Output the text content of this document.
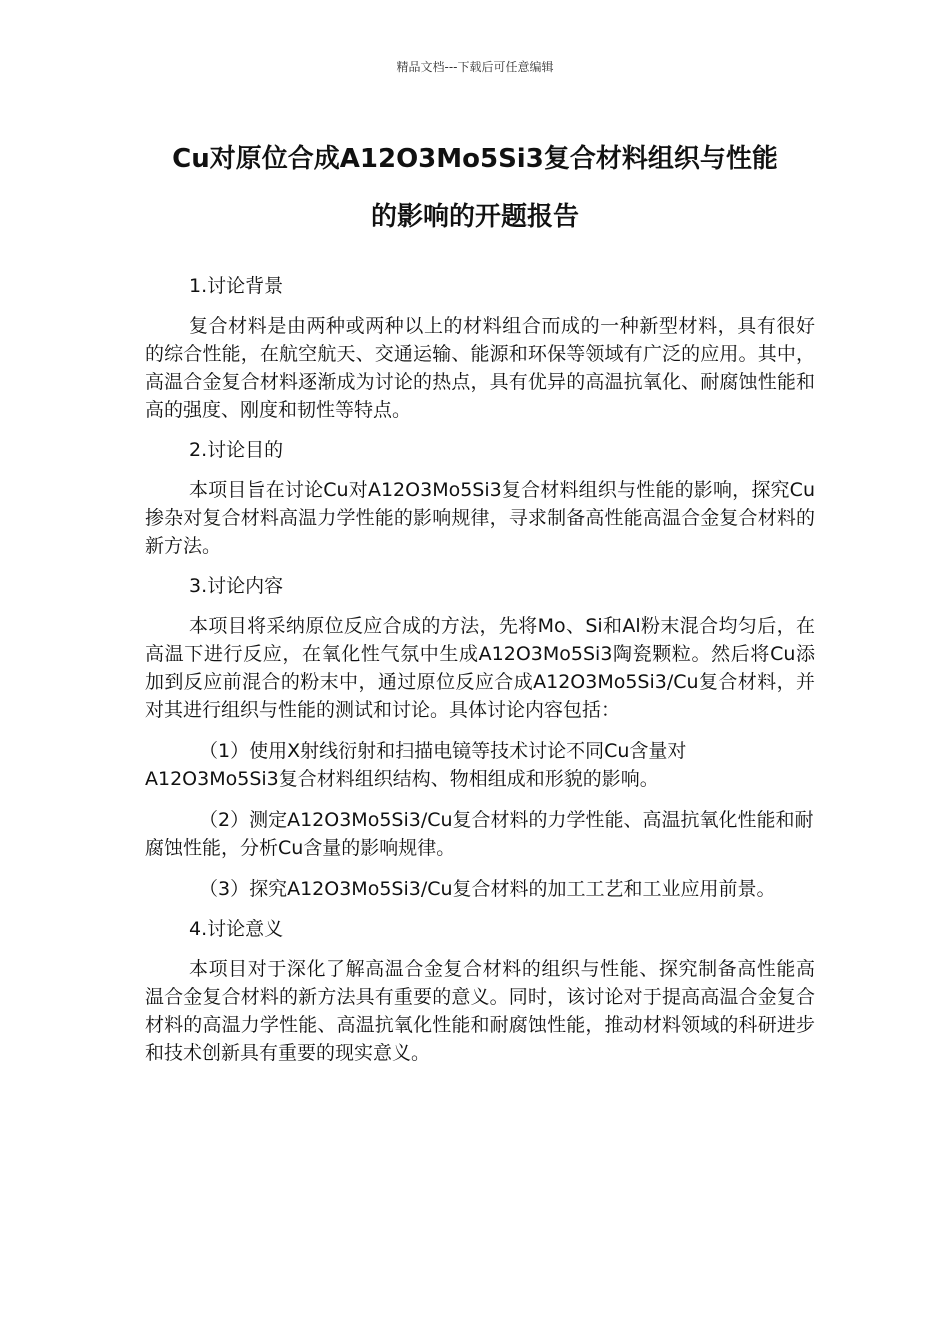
精品文档---下载后可任意编辑
Cu对原位合成A12O3Mo5Si3复合材料组织与性能
的影响的开题报告

1.讨论背景

复合材料是由两种或两种以上的材料组合而成的一种新型材料，具有很好的综合性能，在航空航天、交通运输、能源和环保等领域有广泛的应用。其中，高温合金复合材料逐渐成为讨论的热点，具有优异的高温抗氧化、耐腐蚀性能和高的强度、刚度和韧性等特点。

2.讨论目的

本项目旨在讨论Cu对A12O3Mo5Si3复合材料组织与性能的影响，探究Cu掺杂对复合材料高温力学性能的影响规律，寻求制备高性能高温合金复合材料的新方法。

3.讨论内容

本项目将采纳原位反应合成的方法，先将Mo、Si和Al粉末混合均匀后，在高温下进行反应，在氧化性气氛中生成A12O3Mo5Si3陶瓷颗粒。然后将Cu添加到反应前混合的粉末中，通过原位反应合成A12O3Mo5Si3/Cu复合材料，并对其进行组织与性能的测试和讨论。具体讨论内容包括：

（1）使用X射线衍射和扫描电镜等技术讨论不同Cu含量对A12O3Mo5Si3复合材料组织结构、物相组成和形貌的影响。

（2）测定A12O3Mo5Si3/Cu复合材料的力学性能、高温抗氧化性能和耐腐蚀性能，分析Cu含量的影响规律。

（3）探究A12O3Mo5Si3/Cu复合材料的加工工艺和工业应用前景。

4.讨论意义

本项目对于深化了解高温合金复合材料的组织与性能、探究制备高性能高温合金复合材料的新方法具有重要的意义。同时，该讨论对于提高高温合金复合材料的高温力学性能、高温抗氧化性能和耐腐蚀性能，推动材料领域的科研进步和技术创新具有重要的现实意义。
